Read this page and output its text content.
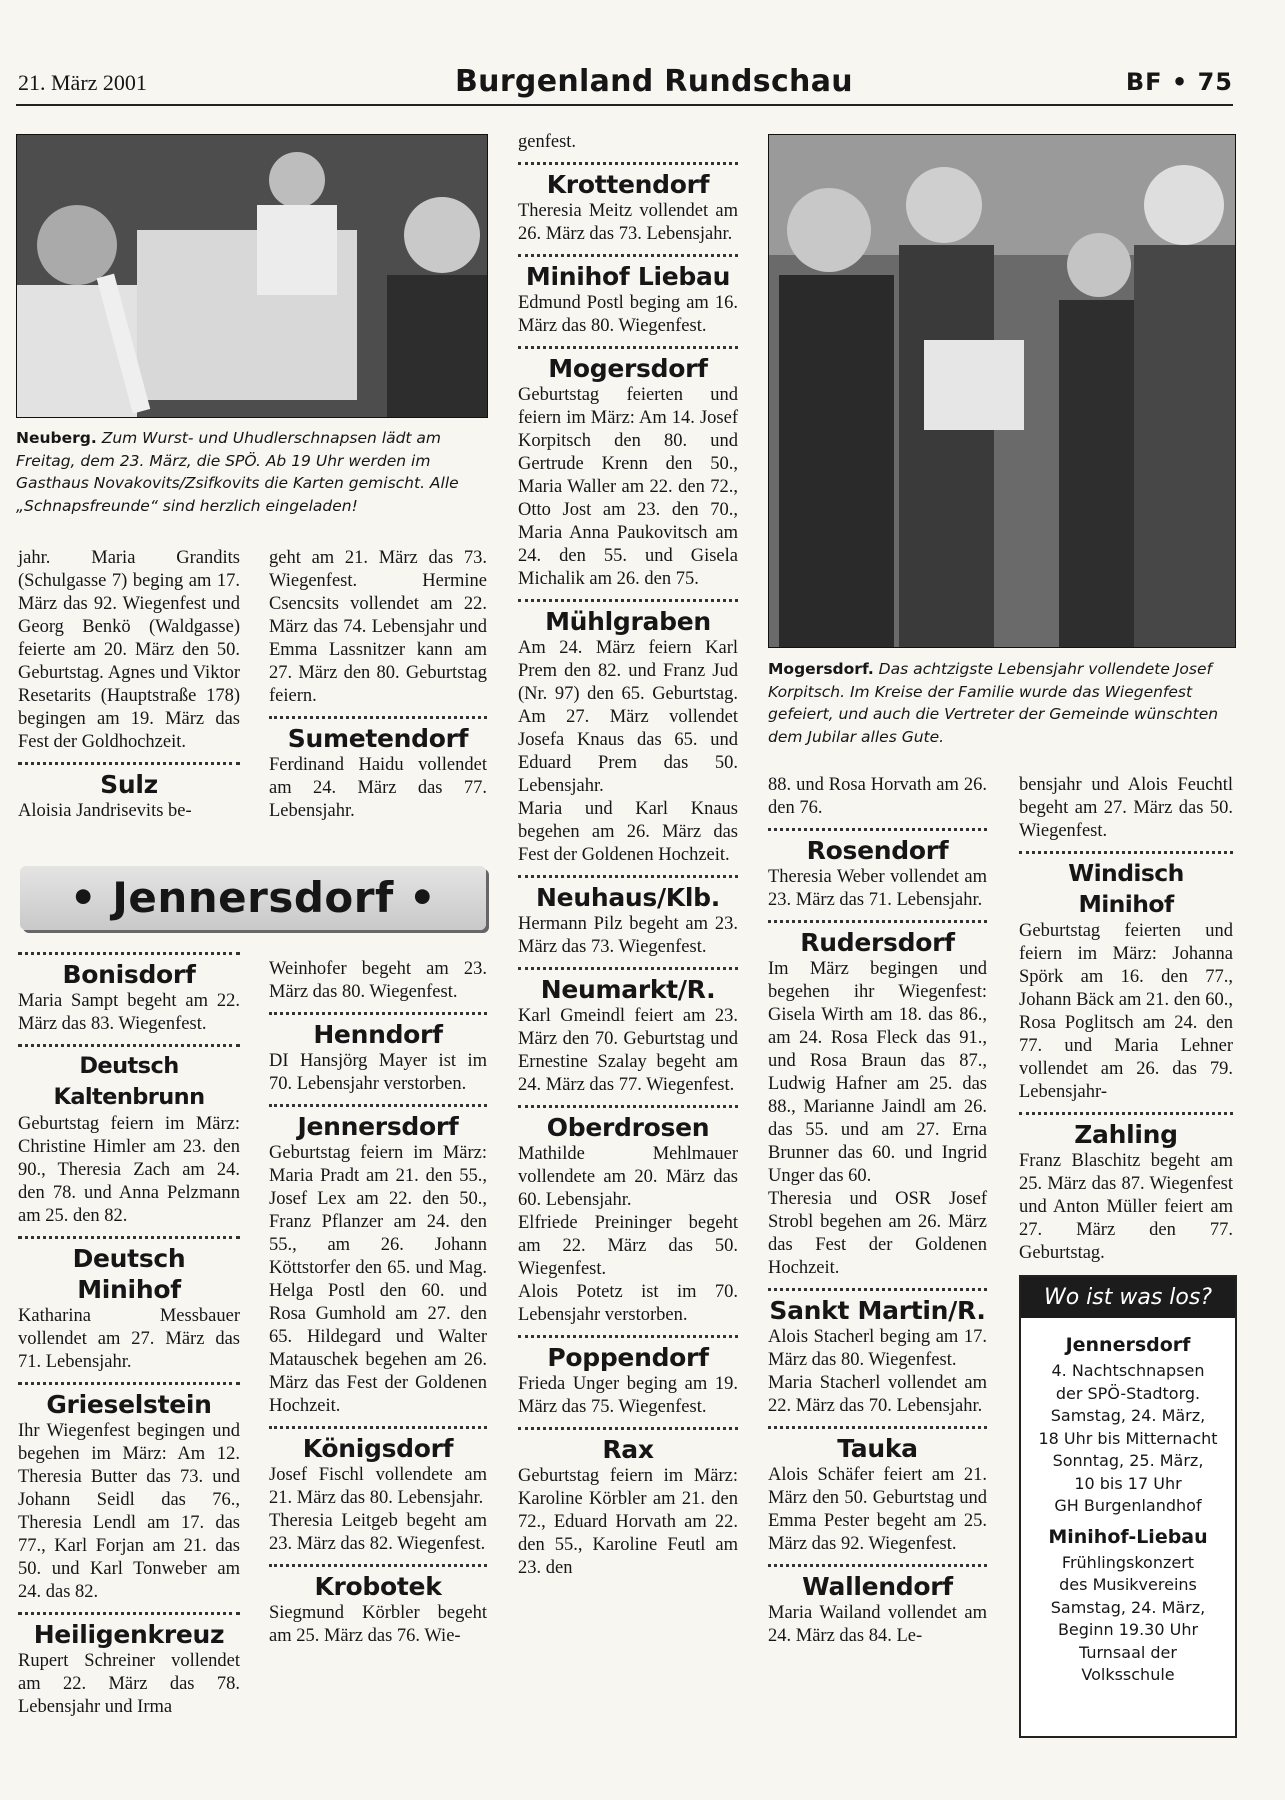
21. März 2001	Burgenland Rundschau	BF • 75
Neuberg. Zum Wurst- und Uhudlerschnapsen lädt am Freitag, dem 23. März, die SPÖ. Ab 19 Uhr werden im Gasthaus Novakovits/Zsifkovits die Karten gemischt. Alle „Schnapsfreunde“ sind herzlich eingeladen!
Mogersdorf. Das achtzigste Lebensjahr vollendete Josef Korpitsch. Im Kreise der Familie wurde das Wiegenfest gefeiert, und auch die Vertreter der Gemeinde wünschten dem Jubilar alles Gute.

jahr. Maria Grandits (Schulgasse 7) beging am 17. März das 92. Wiegenfest und Georg Benkö (Waldgasse) feierte am 20. März den 50. Geburtstag. Agnes und Viktor Resetarits (Hauptstraße 178) begingen am 19. März das Fest der Goldhochzeit.

Sulz

Aloisia Jandrisevits be-

geht am 21. März das 73. Wiegenfest. Hermine Csencsits vollendet am 22. März das 74. Lebensjahr und Emma Lassnitzer kann am 27. März den 80. Geburtstag feiern.

Sumetendorf

Ferdinand Haidu vollendet am 24. März das 77. Lebensjahr.

• Jennersdorf •
Bonisdorf

Maria Sampt begeht am 22. März das 83. Wiegenfest.

Deutsch Kaltenbrunn

Geburtstag feiern im März: Christine Himler am 23. den 90., Theresia Zach am 24. den 78. und Anna Pelzmann am 25. den 82.

Deutsch Minihof

Katharina Messbauer vollendet am 27. März das 71. Lebensjahr.

Grieselstein

Ihr Wiegenfest begingen und begehen im März: Am 12. Theresia Butter das 73. und Johann Seidl das 76., Theresia Lendl am 17. das 77., Karl Forjan am 21. das 50. und Karl Tonweber am 24. das 82.

Heiligenkreuz

Rupert Schreiner vollendet am 22. März das 78. Lebensjahr und Irma

Weinhofer begeht am 23. März das 80. Wiegenfest.

Henndorf

DI Hansjörg Mayer ist im 70. Lebensjahr verstorben.

Jennersdorf

Geburtstag feiern im März: Maria Pradt am 21. den 55., Josef Lex am 22. den 50., Franz Pflanzer am 24. den 55., am 26. Johann Köttstorfer den 65. und Mag. Helga Postl den 60. und Rosa Gumhold am 27. den 65. Hildegard und Walter Matauschek begehen am 26. März das Fest der Goldenen Hochzeit.

Königsdorf

Josef Fischl vollendete am 21. März das 80. Lebensjahr.

Theresia Leitgeb begeht am 23. März das 82. Wiegenfest.

Krobotek

Siegmund Körbler begeht am 25. März das 76. Wie-

genfest.

Krottendorf

Theresia Meitz vollendet am 26. März das 73. Lebensjahr.

Minihof Liebau

Edmund Postl beging am 16. März das 80. Wiegenfest.

Mogersdorf

Geburtstag feierten und feiern im März: Am 14. Josef Korpitsch den 80. und Gertrude Krenn den 50., Maria Waller am 22. den 72., Otto Jost am 23. den 70., Maria Anna Paukovitsch am 24. den 55. und Gisela Michalik am 26. den 75.

Mühlgraben

Am 24. März feiern Karl Prem den 82. und Franz Jud (Nr. 97) den 65. Geburtstag. Am 27. März vollendet Josefa Knaus das 65. und Eduard Prem das 50. Lebensjahr.

Maria und Karl Knaus begehen am 26. März das Fest der Goldenen Hochzeit.

Neuhaus/Klb.

Hermann Pilz begeht am 23. März das 73. Wiegenfest.

Neumarkt/R.

Karl Gmeindl feiert am 23. März den 70. Geburtstag und Ernestine Szalay begeht am 24. März das 77. Wiegenfest.

Oberdrosen

Mathilde Mehlmauer vollendete am 20. März das 60. Lebensjahr.

Elfriede Preininger begeht am 22. März das 50. Wiegenfest.

Alois Potetz ist im 70. Lebensjahr verstorben.

Poppendorf

Frieda Unger beging am 19. März das 75. Wiegenfest.

Rax

Geburtstag feiern im März: Karoline Körbler am 21. den 72., Eduard Horvath am 22. den 55., Karoline Feutl am 23. den

88. und Rosa Horvath am 26. den 76.

Rosendorf

Theresia Weber vollendet am 23. März das 71. Lebensjahr.

Rudersdorf

Im März begingen und begehen ihr Wiegenfest: Gisela Wirth am 18. das 86., am 24. Rosa Fleck das 91., und Rosa Braun das 87., Ludwig Hafner am 25. das 88., Marianne Jaindl am 26. das 55. und am 27. Erna Brunner das 60. und Ingrid Unger das 60.

Theresia und OSR Josef Strobl begehen am 26. März das Fest der Goldenen Hochzeit.

Sankt Martin/R.

Alois Stacherl beging am 17. März das 80. Wiegenfest.

Maria Stacherl vollendet am 22. März das 70. Lebensjahr.

Tauka

Alois Schäfer feiert am 21. März den 50. Geburtstag und Emma Pester begeht am 25. März das 92. Wiegenfest.

Wallendorf

Maria Wailand vollendet am 24. März das 84. Le-

bensjahr und Alois Feuchtl begeht am 27. März das 50. Wiegenfest.

Windisch Minihof

Geburtstag feierten und feiern im März: Johanna Spörk am 16. den 77., Johann Bäck am 21. den 60., Rosa Poglitsch am 24. den 77. und Maria Lehner vollendet am 26. das 79. Lebensjahr-

Zahling

Franz Blaschitz begeht am 25. März das 87. Wiegenfest und Anton Müller feiert am 27. März den 77. Geburtstag.

Wo ist was los?
Jennersdorf
4. Nachtschnapsen
der SPÖ-Stadtorg.
Samstag, 24. März,
18 Uhr bis Mitternacht
Sonntag, 25. März,
10 bis 17 Uhr
GH Burgenlandhof
Minihof-Liebau
Frühlingskonzert
des Musikvereins
Samstag, 24. März,
Beginn 19.30 Uhr
Turnsaal der
Volksschule
